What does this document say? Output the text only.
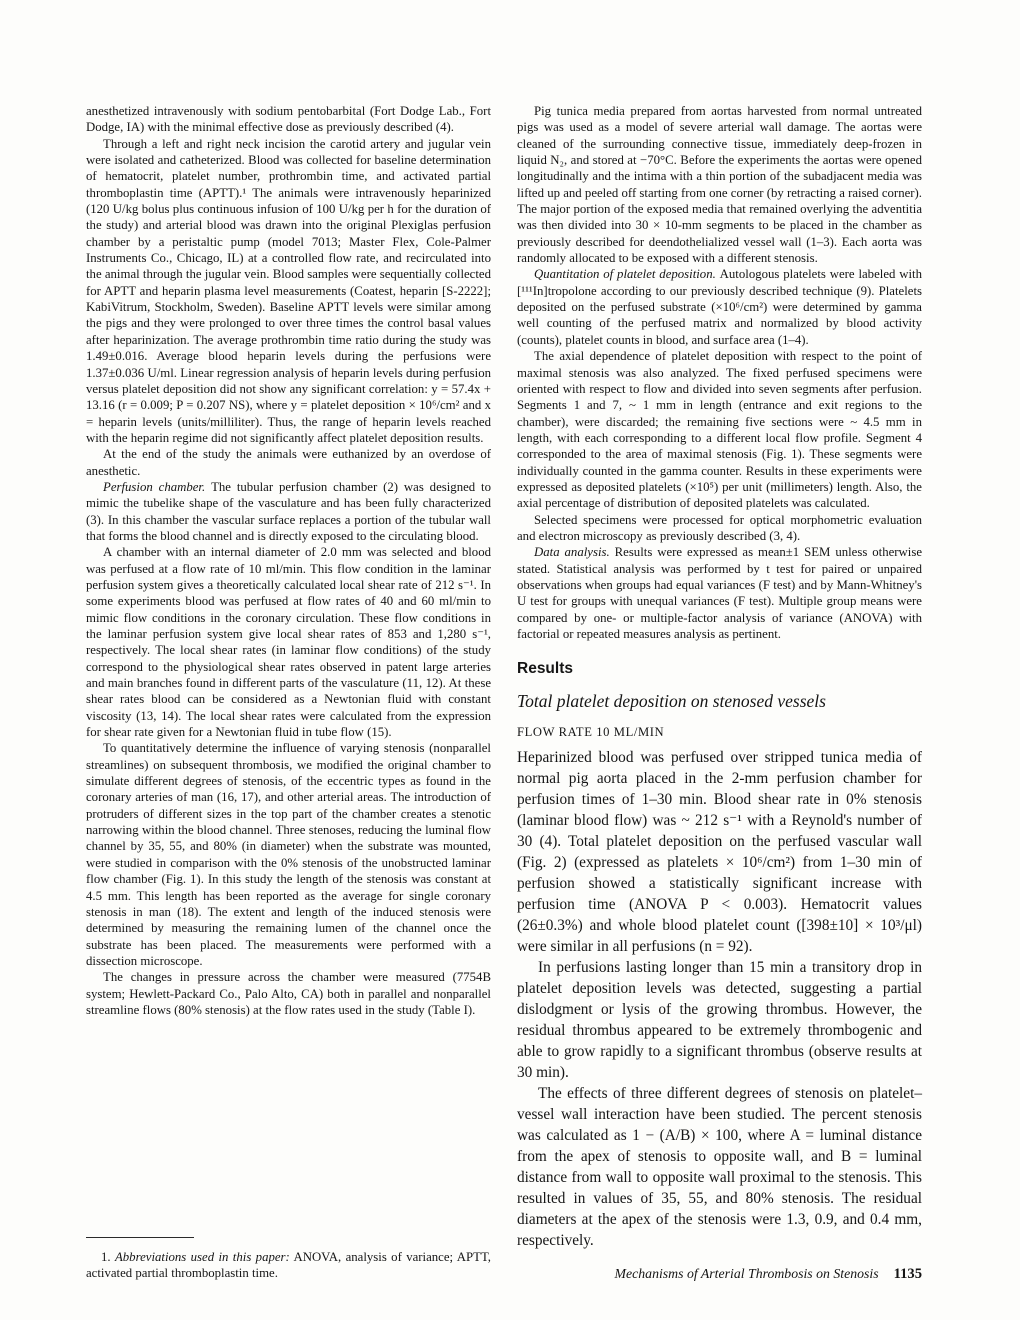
anesthetized intravenously with sodium pentobarbital (Fort Dodge Lab., Fort Dodge, IA) with the minimal effective dose as previously described (4).

Through a left and right neck incision the carotid artery and jugular vein were isolated and catheterized. Blood was collected for baseline determination of hematocrit, platelet number, prothrombin time, and activated partial thromboplastin time (APTT).¹ The animals were intravenously heparinized (120 U/kg bolus plus continuous infusion of 100 U/kg per h for the duration of the study) and arterial blood was drawn into the original Plexiglas perfusion chamber by a peristaltic pump (model 7013; Master Flex, Cole-Palmer Instruments Co., Chicago, IL) at a controlled flow rate, and recirculated into the animal through the jugular vein. Blood samples were sequentially collected for APTT and heparin plasma level measurements (Coatest, heparin [S-2222]; KabiVitrum, Stockholm, Sweden). Baseline APTT levels were similar among the pigs and they were prolonged to over three times the control basal values after heparinization. The average prothrombin time ratio during the study was 1.49±0.016. Average blood heparin levels during the perfusions were 1.37±0.036 U/ml. Linear regression analysis of heparin levels during perfusion versus platelet deposition did not show any significant correlation: y = 57.4x + 13.16 (r = 0.009; P = 0.207 NS), where y = platelet deposition × 10⁶/cm² and x = heparin levels (units/milliliter). Thus, the range of heparin levels reached with the heparin regime did not significantly affect platelet deposition results.

At the end of the study the animals were euthanized by an overdose of anesthetic.

Perfusion chamber. The tubular perfusion chamber (2) was designed to mimic the tubelike shape of the vasculature and has been fully characterized (3). In this chamber the vascular surface replaces a portion of the tubular wall that forms the blood channel and is directly exposed to the circulating blood.

A chamber with an internal diameter of 2.0 mm was selected and blood was perfused at a flow rate of 10 ml/min. This flow condition in the laminar perfusion system gives a theoretically calculated local shear rate of 212 s⁻¹. In some experiments blood was perfused at flow rates of 40 and 60 ml/min to mimic flow conditions in the coronary circulation. These flow conditions in the laminar perfusion system give local shear rates of 853 and 1,280 s⁻¹, respectively. The local shear rates (in laminar flow conditions) of the study correspond to the physiological shear rates observed in patent large arteries and main branches found in different parts of the vasculature (11, 12). At these shear rates blood can be considered as a Newtonian fluid with constant viscosity (13, 14). The local shear rates were calculated from the expression for shear rate given for a Newtonian fluid in tube flow (15).

To quantitatively determine the influence of varying stenosis (nonparallel streamlines) on subsequent thrombosis, we modified the original chamber to simulate different degrees of stenosis, of the eccentric types as found in the coronary arteries of man (16, 17), and other arterial areas. The introduction of protruders of different sizes in the top part of the chamber creates a stenotic narrowing within the blood channel. Three stenoses, reducing the luminal flow channel by 35, 55, and 80% (in diameter) when the substrate was mounted, were studied in comparison with the 0% stenosis of the unobstructed laminar flow chamber (Fig. 1). In this study the length of the stenosis was constant at 4.5 mm. This length has been reported as the average for single coronary stenosis in man (18). The extent and length of the induced stenosis were determined by measuring the remaining lumen of the channel once the substrate has been placed. The measurements were performed with a dissection microscope.

The changes in pressure across the chamber were measured (7754B system; Hewlett-Packard Co., Palo Alto, CA) both in parallel and nonparallel streamline flows (80% stenosis) at the flow rates used in the study (Table I).

1. Abbreviations used in this paper: ANOVA, analysis of variance; APTT, activated partial thromboplastin time.

Pig tunica media prepared from aortas harvested from normal untreated pigs was used as a model of severe arterial wall damage. The aortas were cleaned of the surrounding connective tissue, immediately deep-frozen in liquid N₂, and stored at −70°C. Before the experiments the aortas were opened longitudinally and the intima with a thin portion of the subadjacent media was lifted up and peeled off starting from one corner (by retracting a raised corner). The major portion of the exposed media that remained overlying the adventitia was then divided into 30 × 10-mm segments to be placed in the chamber as previously described for deendothelialized vessel wall (1–3). Each aorta was randomly allocated to be exposed with a different stenosis.

Quantitation of platelet deposition. Autologous platelets were labeled with [¹¹¹In]tropolone according to our previously described technique (9). Platelets deposited on the perfused substrate (×10⁶/cm²) were determined by gamma well counting of the perfused matrix and normalized by blood activity (counts), platelet counts in blood, and surface area (1–4).

The axial dependence of platelet deposition with respect to the point of maximal stenosis was also analyzed. The fixed perfused specimens were oriented with respect to flow and divided into seven segments after perfusion. Segments 1 and 7, ~ 1 mm in length (entrance and exit regions to the chamber), were discarded; the remaining five sections were ~ 4.5 mm in length, with each corresponding to a different local flow profile. Segment 4 corresponded to the area of maximal stenosis (Fig. 1). These segments were individually counted in the gamma counter. Results in these experiments were expressed as deposited platelets (×10⁵) per unit (millimeters) length. Also, the axial percentage of distribution of deposited platelets was calculated.

Selected specimens were processed for optical morphometric evaluation and electron microscopy as previously described (3, 4).

Data analysis. Results were expressed as mean±1 SEM unless otherwise stated. Statistical analysis was performed by t test for paired or unpaired observations when groups had equal variances (F test) and by Mann-Whitney's U test for groups with unequal variances (F test). Multiple group means were compared by one- or multiple-factor analysis of variance (ANOVA) with factorial or repeated measures analysis as pertinent.

Results
Total platelet deposition on stenosed vessels
FLOW RATE 10 ML/MIN

Heparinized blood was perfused over stripped tunica media of normal pig aorta placed in the 2-mm perfusion chamber for perfusion times of 1–30 min. Blood shear rate in 0% stenosis (laminar blood flow) was ~ 212 s⁻¹ with a Reynold's number of 30 (4). Total platelet deposition on the perfused vascular wall (Fig. 2) (expressed as platelets × 10⁶/cm²) from 1–30 min of perfusion showed a statistically significant increase with perfusion time (ANOVA P < 0.003). Hematocrit values (26±0.3%) and whole blood platelet count ([398±10] × 10³/μl) were similar in all perfusions (n = 92).

In perfusions lasting longer than 15 min a transitory drop in platelet deposition levels was detected, suggesting a partial dislodgment or lysis of the growing thrombus. However, the residual thrombus appeared to be extremely thrombogenic and able to grow rapidly to a significant thrombus (observe results at 30 min).

The effects of three different degrees of stenosis on platelet–vessel wall interaction have been studied. The percent stenosis was calculated as 1 − (A/B) × 100, where A = luminal distance from the apex of stenosis to opposite wall, and B = luminal distance from wall to opposite wall proximal to the stenosis. This resulted in values of 35, 55, and 80% stenosis. The residual diameters at the apex of the stenosis were 1.3, 0.9, and 0.4 mm, respectively.

Mechanisms of Arterial Thrombosis on Stenosis 1135
